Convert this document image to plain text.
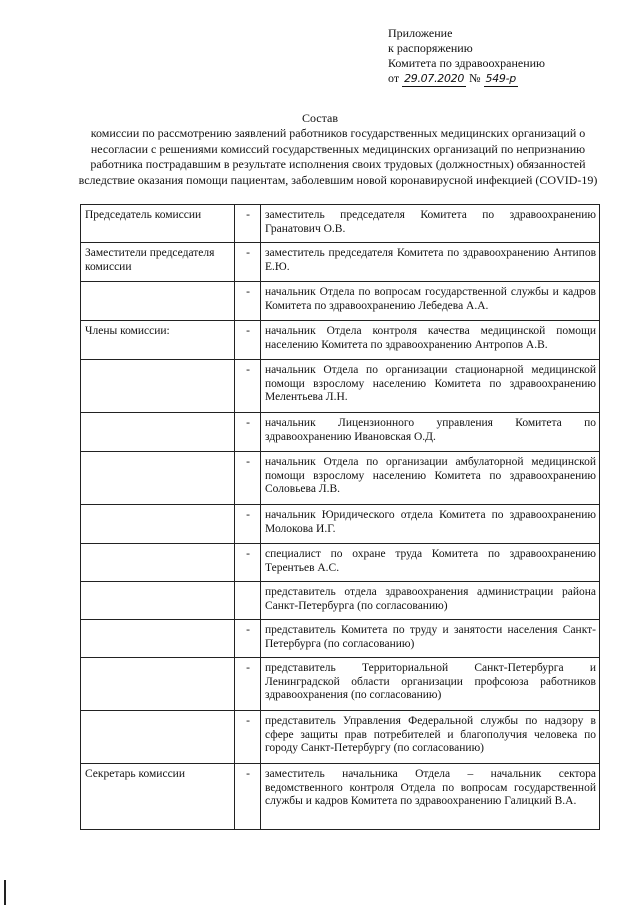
Приложение
к распоряжению
Комитета по здравоохранению
от 29.07.2020 № 549-р
Состав
комиссии по рассмотрению заявлений работников государственных медицинских организаций о несогласии с решениями комиссий государственных медицинских организаций по непризнанию работника пострадавшим в результате исполнения своих трудовых (должностных) обязанностей вследствие оказания помощи пациентам, заболевшим новой коронавирусной инфекцией (COVID-19)
Председатель комиссии	-	заместитель председателя Комитета по здравоохранению Гранатович О.В.
Заместители председателя комиссии	-	заместитель председателя Комитета по здравоохранению Антипов Е.Ю.
	-	начальник Отдела по вопросам государственной службы и кадров Комитета по здравоохранению Лебедева А.А.
Члены комиссии:	-	начальник Отдела контроля качества медицинской помощи населению Комитета по здравоохранению Антропов А.В.
	-	начальник Отдела по организации стационарной медицинской помощи взрослому населению Комитета по здравоохранению Мелентьева Л.Н.
	-	начальник Лицензионного управления Комитета по здравоохранению Ивановская О.Д.
	-	начальник Отдела по организации амбулаторной медицинской помощи взрослому населению Комитета по здравоохранению Соловьева Л.В.
	-	начальник Юридического отдела Комитета по здравоохранению Молокова И.Г.
	-	специалист по охране труда Комитета по здравоохранению Терентьев А.С.
		представитель отдела здравоохранения администрации района Санкт-Петербурга (по согласованию)
	-	представитель Комитета по труду и занятости населения Санкт-Петербурга (по согласованию)
	-	представитель Территориальной Санкт-Петербурга и Ленинградской области организации профсоюза работников здравоохранения (по согласованию)
	-	представитель Управления Федеральной службы по надзору в сфере защиты прав потребителей и благополучия человека по городу Санкт-Петербургу (по согласованию)
Секретарь комиссии	-	заместитель начальника Отдела – начальник сектора ведомственного контроля Отдела по вопросам государственной службы и кадров Комитета по здравоохранению Галицкий В.А.
